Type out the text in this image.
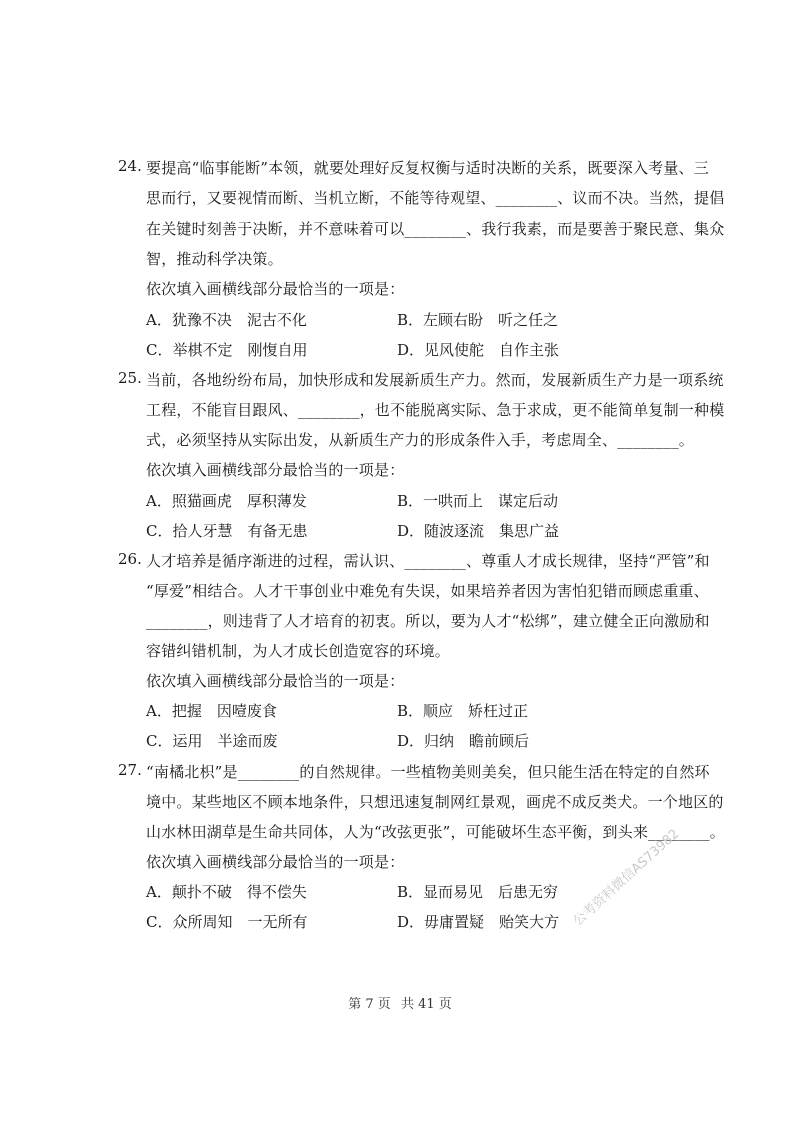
24. 要提高“临事能断”本领，就要处理好反复权衡与适时决断的关系，既要深入考量、三
思而行，又要视情而断、当机立断，不能等待观望、________、议而不决。当然，提倡
在关键时刻善于决断，并不意味着可以________、我行我素，而是要善于聚民意、集众
智，推动科学决策。
依次填入画横线部分最恰当的一项是：
A．犹豫不决　泥古不化	B．左顾右盼　听之任之
C．举棋不定　刚愎自用	D．见风使舵　自作主张
25. 当前，各地纷纷布局，加快形成和发展新质生产力。然而，发展新质生产力是一项系统
工程，不能盲目跟风、________，也不能脱离实际、急于求成，更不能简单复制一种模
式，必须坚持从实际出发，从新质生产力的形成条件入手，考虑周全、________。
依次填入画横线部分最恰当的一项是：
A．照猫画虎　厚积薄发	B．一哄而上　谋定后动
C．拾人牙慧　有备无患	D．随波逐流　集思广益
26. 人才培养是循序渐进的过程，需认识、________、尊重人才成长规律，坚持“严管”和
“厚爱”相结合。人才干事创业中难免有失误，如果培养者因为害怕犯错而顾虑重重、
________，则违背了人才培育的初衷。所以，要为人才“松绑”，建立健全正向激励和
容错纠错机制，为人才成长创造宽容的环境。
依次填入画横线部分最恰当的一项是：
A．把握　因噎废食	B．顺应　矫枉过正
C．运用　半途而废	D．归纳　瞻前顾后
27. “南橘北枳”是________的自然规律。一些植物美则美矣，但只能生活在特定的自然环
境中。某些地区不顾本地条件，只想迅速复制网红景观，画虎不成反类犬。一个地区的
山水林田湖草是生命共同体，人为“改弦更张”，可能破坏生态平衡，到头来________。
依次填入画横线部分最恰当的一项是：
A．颠扑不破　得不偿失	B．显而易见　后患无穷
C．众所周知　一无所有	D．毋庸置疑　贻笑大方 公考资料微信AS73982
第 7 页 共 41 页
